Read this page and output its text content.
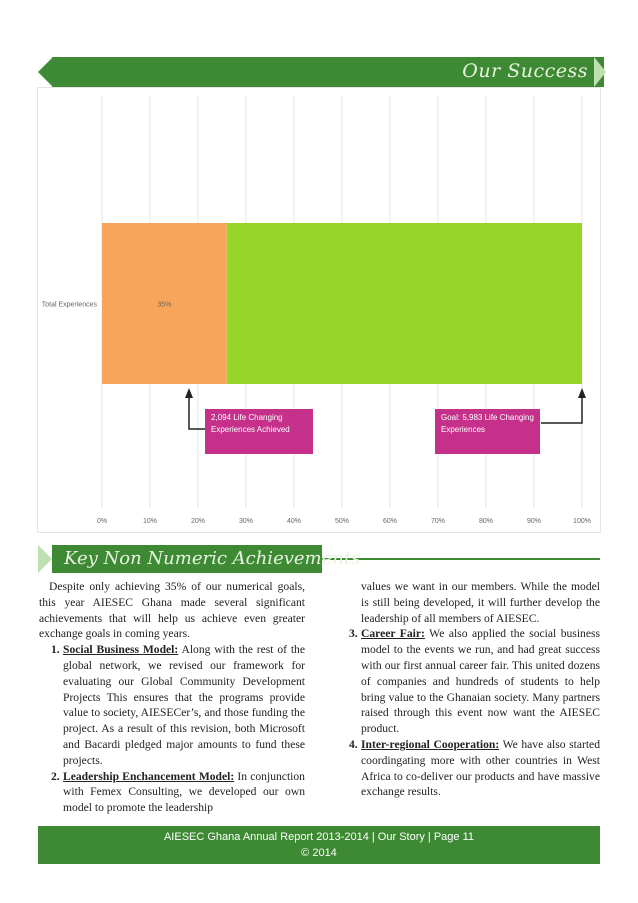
Our Success
0%	10%	20%	30%	40%	50%	60%	70%	80%	90%	100%
Total Experiences	35%
2,094 Life Changing Experiences Achieved
Goal: 5,983 Life Changing Experiences
Key Non Numeric Achievements

Despite only achieving 35% of our numerical goals, this year AIESEC Ghana made several significant achievements that will help us achieve even greater exchange goals in coming years.

1. Social Business Model: Along with the rest of the global network, we revised our framework for evaluating our Global Community Development Projects This ensures that the programs provide value to society, AIESECer’s, and those funding the project. As a result of this revision, both Microsoft and Bacardi pledged major amounts to fund these projects.
2. Leadership Enchancement Model: In conjunction with Femex Consulting, we developed our own model to promote the leadership
values we want in our members. While the model is still being developed, it will further develop the leadership of all members of AIESEC.
3. Career Fair: We also applied the social business model to the events we run, and had great success with our first annual career fair. This united dozens of companies and hundreds of students to help bring value to the Ghanaian society. Many partners raised through this event now want the AIESEC product.
4. Inter-regional Cooperation: We have also started coordingating more with other countries in West Africa to co-deliver our products and have massive exchange results.
AIESEC Ghana Annual Report 2013-2014 | Our Story | Page 11
© 2014
